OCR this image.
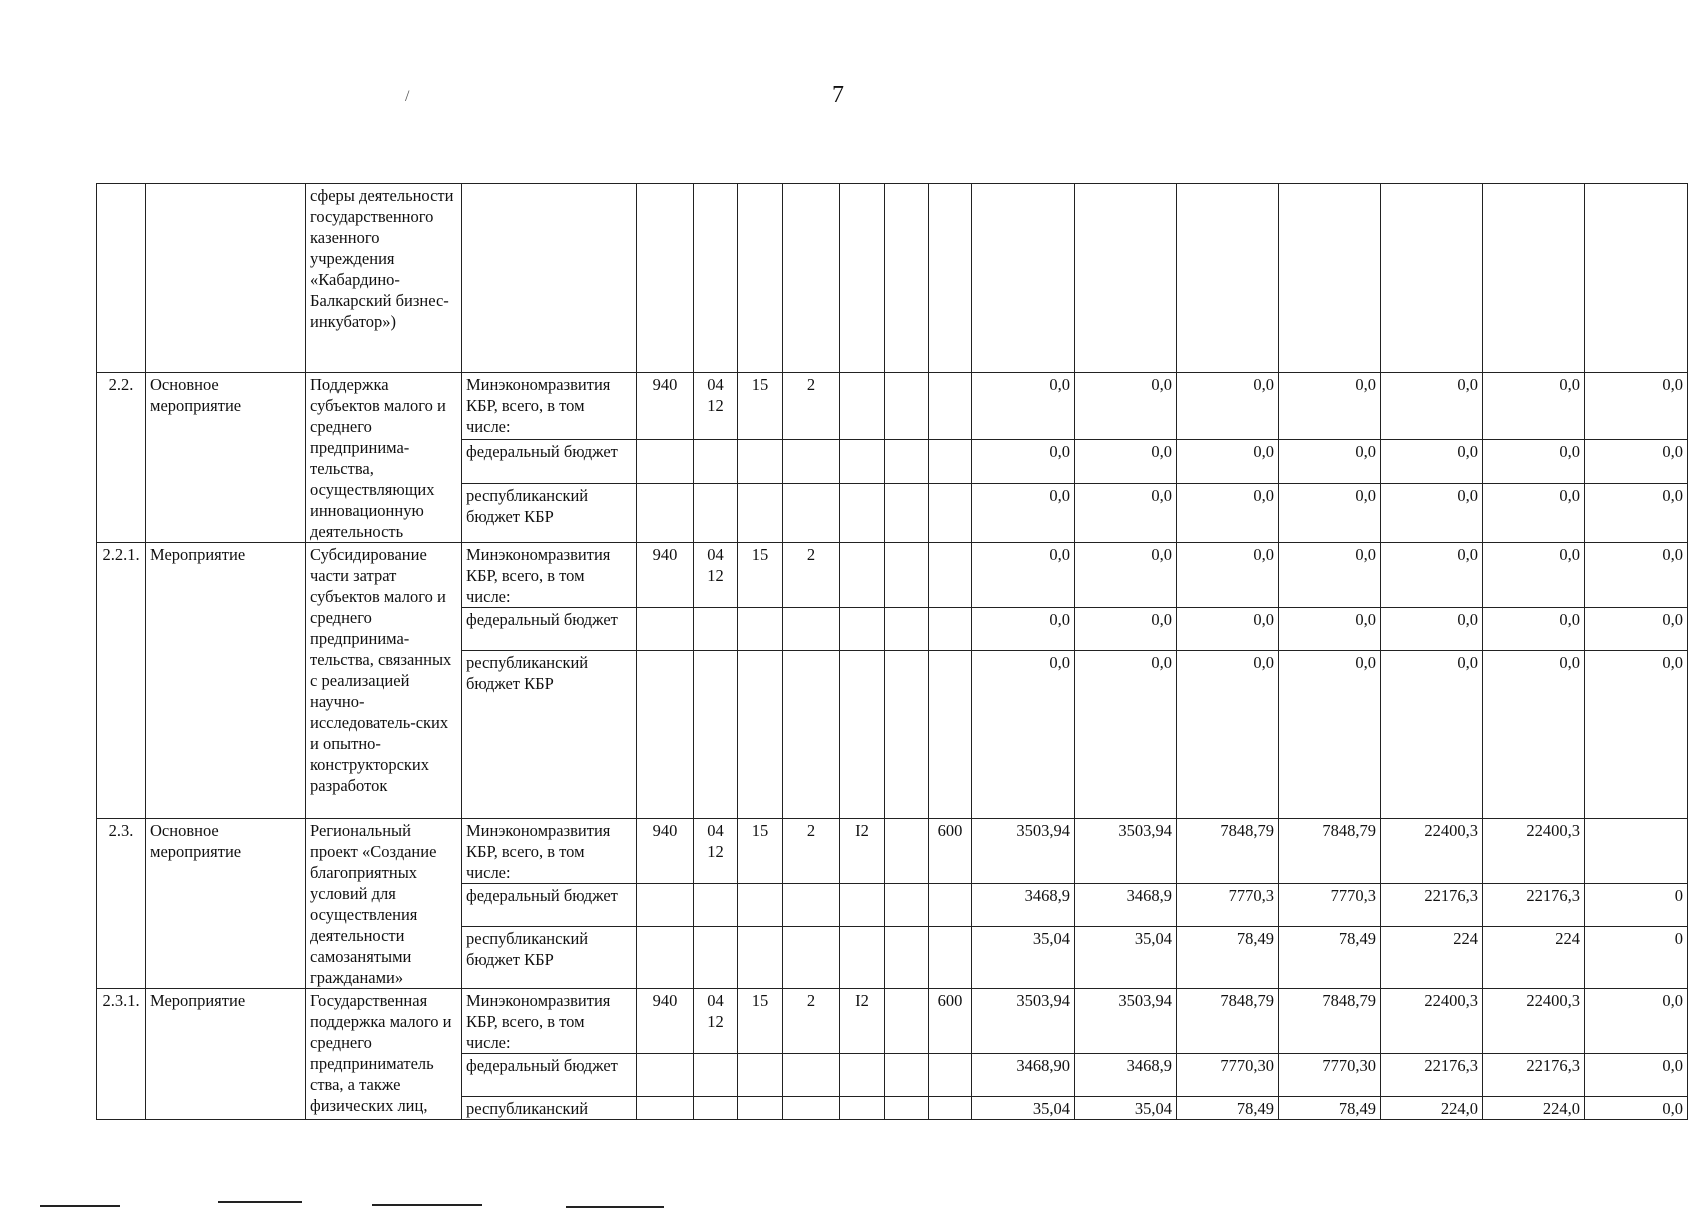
/	7
		сферы деятельности государственного казенного учреждения «Кабардино-Балкарский бизнес-инкубатор»)															
2.2.	Основное мероприятие	Поддержка субъектов малого и среднего предпринима-тельства, осуществляющих инновационную деятельность	Минэкономразвития КБР, всего, в том числе:	940	04 12	15	2				0,0	0,0	0,0	0,0	0,0	0,0	0,0
			федеральный бюджет								0,0	0,0	0,0	0,0	0,0	0,0	0,0
			республиканский бюджет КБР								0,0	0,0	0,0	0,0	0,0	0,0	0,0
2.2.1.	Мероприятие	Субсидирование части затрат субъектов малого и среднего предпринима-тельства, связанных с реализацией научно-исследователь-ских и опытно-конструкторских разработок	Минэкономразвития КБР, всего, в том числе:	940	04 12	15	2				0,0	0,0	0,0	0,0	0,0	0,0	0,0
			федеральный бюджет								0,0	0,0	0,0	0,0	0,0	0,0	0,0
			республиканский бюджет КБР								0,0	0,0	0,0	0,0	0,0	0,0	0,0
2.3.	Основное мероприятие	Региональный проект «Создание благоприятных условий для осуществления деятельности самозанятыми гражданами»	Минэкономразвития КБР, всего, в том числе:	940	04 12	15	2	I2		600	3503,94	3503,94	7848,79	7848,79	22400,3	22400,3	
			федеральный бюджет								3468,9	3468,9	7770,3	7770,3	22176,3	22176,3	0
			республиканский бюджет КБР								35,04	35,04	78,49	78,49	224	224	0
2.3.1.	Мероприятие	Государственная поддержка малого и среднего предприниматель ства, а также физических лиц,	Минэкономразвития КБР, всего, в том числе:	940	04 12	15	2	I2		600	3503,94	3503,94	7848,79	7848,79	22400,3	22400,3	0,0
			федеральный бюджет								3468,90	3468,9	7770,30	7770,30	22176,3	22176,3	0,0
			республиканский								35,04	35,04	78,49	78,49	224,0	224,0	0,0
